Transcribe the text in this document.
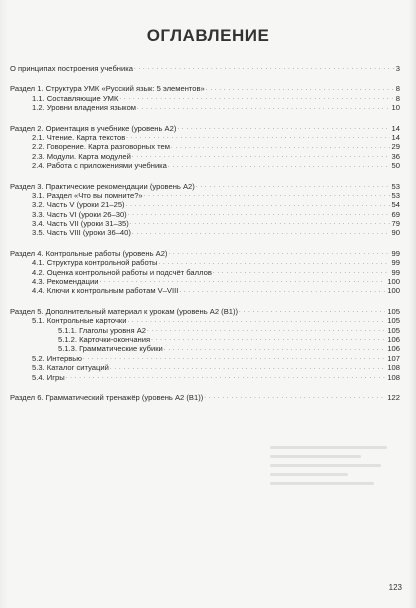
ОГЛАВЛЕНИЕ
О принципах построения учебника . . .	3
Раздел 1. Структура УМК «Русский язык: 5 элементов» . . .	8
1.1. Составляющие УМК . . .	8
1.2. Уровни владения языком . . .	10
Раздел 2. Ориентация в учебнике (уровень А2) . . .	14
2.1. Чтение. Карта текстов . . .	14
2.2. Говорение. Карта разговорных тем . . .	29
2.3. Модули. Карта модулей . . .	36
2.4. Работа с приложениями учебника . . .	50
Раздел 3. Практические рекомендации (уровень А2) . . .	53
3.1. Раздел «Что вы помните?» . . .	53
3.2. Часть V (уроки 21–25) . . .	54
3.3. Часть VI (уроки 26–30) . . .	69
3.4. Часть VII (уроки 31–35) . . .	79
3.5. Часть VIII (уроки 36–40) . . .	90
Раздел 4. Контрольные работы (уровень А2) . . .	99
4.1. Структура контрольной работы . . .	99
4.2. Оценка контрольной работы и подсчёт баллов . . .	99
4.3. Рекомендации . . .	100
4.4. Ключи к контрольным работам V–VIII . . .	100
Раздел 5. Дополнительный материал к урокам (уровень А2 (В1)) . . .	105
5.1. Контрольные карточки . . .	105
5.1.1. Глаголы уровня А2 . . .	105
5.1.2. Карточки-окончания . . .	106
5.1.3. Грамматические кубики . . .	106
5.2. Интервью . . .	107
5.3. Каталог ситуаций . . .	108
5.4. Игры . . .	108
Раздел 6. Грамматический тренажёр (уровень А2 (В1)) . . .	122
123
